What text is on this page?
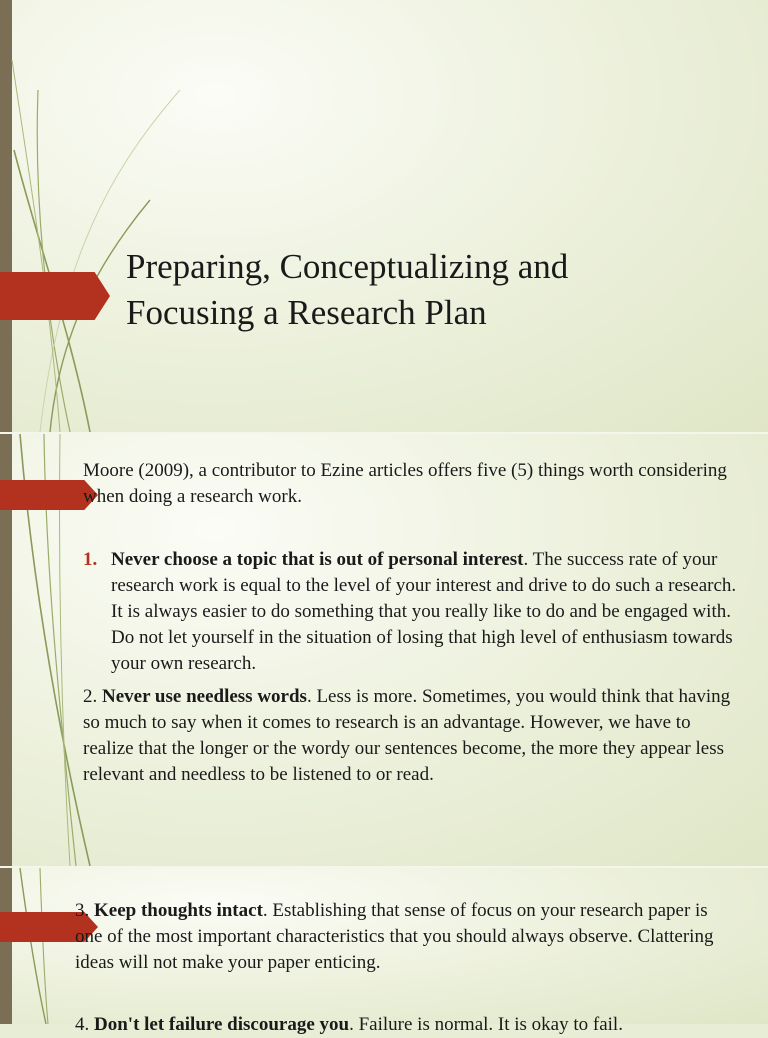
Preparing, Conceptualizing and
Focusing a Research Plan
Moore (2009), a contributor to Ezine articles offers five (5) things worth considering when doing a research work.
1. Never choose a topic that is out of personal interest. The success rate of your research work is equal to the level of your interest and drive to do such a research. It is always easier to do something that you really like to do and be engaged with. Do not let yourself in the situation of losing that high level of enthusiasm towards your own research.
2. Never use needless words. Less is more. Sometimes, you would think that having so much to say when it comes to research is an advantage. However, we have to realize that the longer or the wordy our sentences become, the more they appear less relevant and needless to be listened to or read.
3. Keep thoughts intact. Establishing that sense of focus on your research paper is one of the most important characteristics that you should always observe. Clattering ideas will not make your paper enticing.
4. Don't let failure discourage you. Failure is normal. It is okay to fail.
